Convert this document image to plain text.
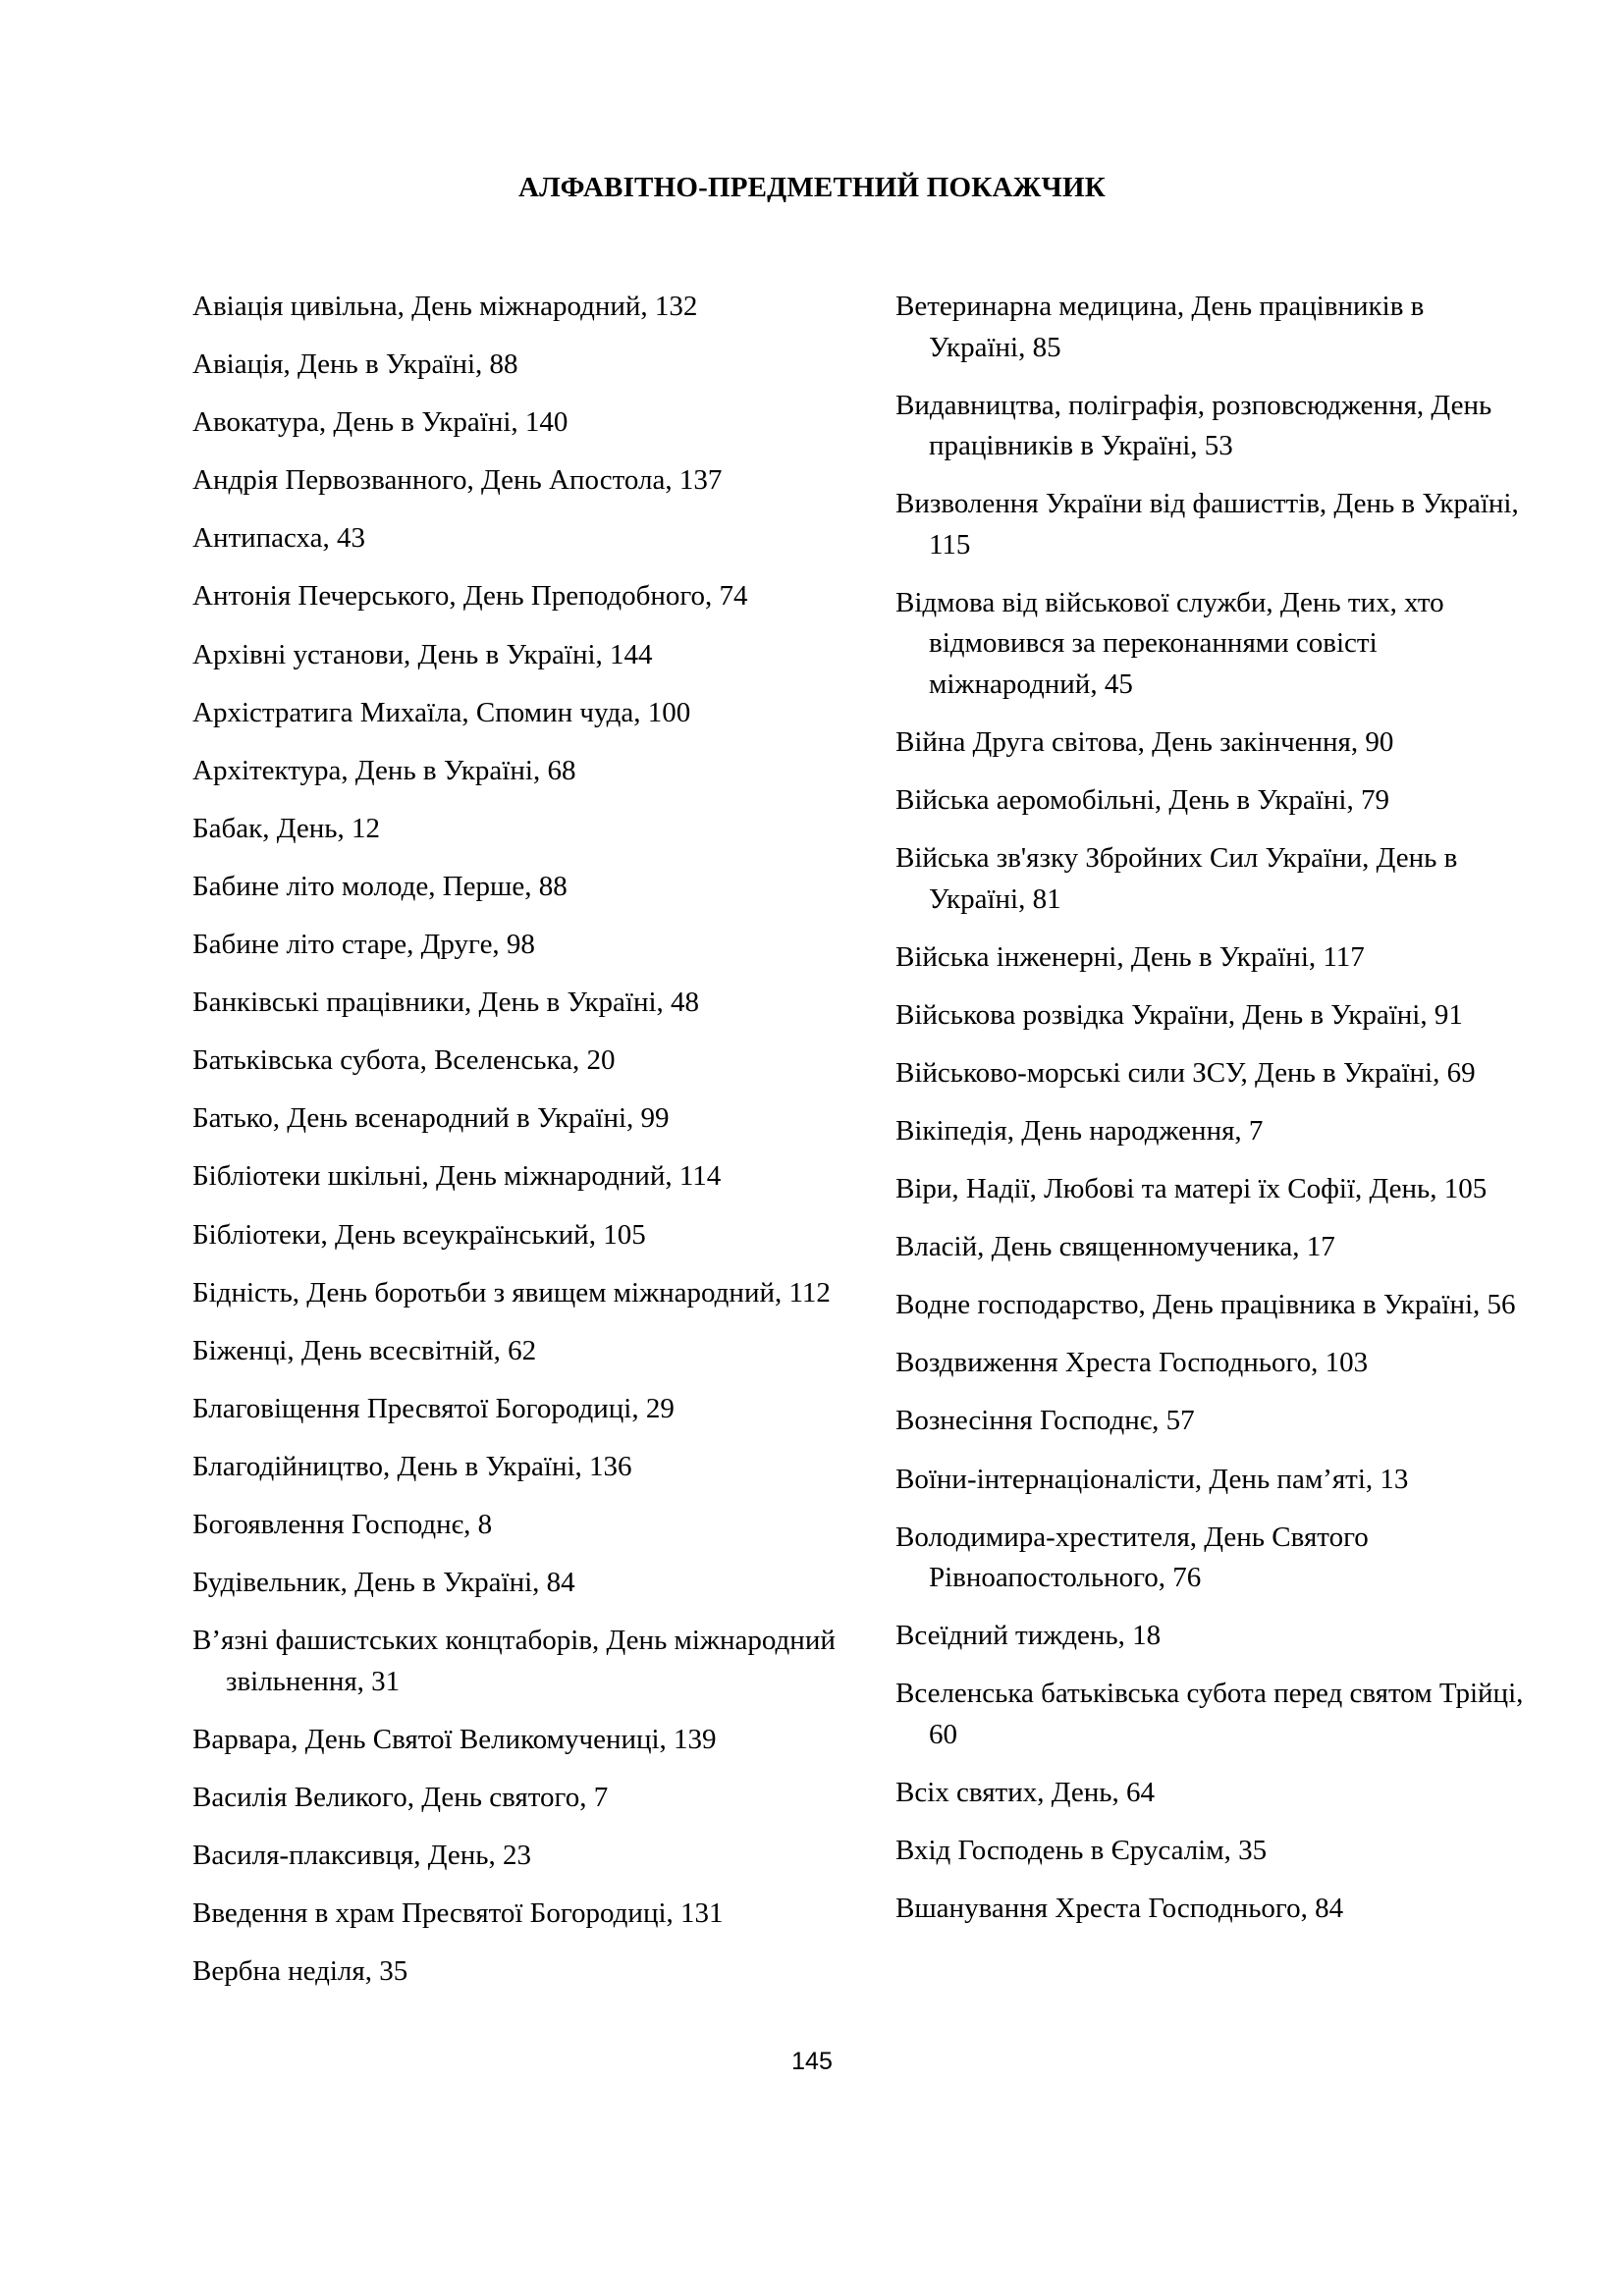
АЛФАВІТНО-ПРЕДМЕТНИЙ ПОКАЖЧИК
Авіація цивільна, День міжнародний, 132
Авіація, День в Україні, 88
Авокатура, День в Україні, 140
Андрія Первозванного, День Апостола, 137
Антипасха, 43
Антонія Печерського, День Преподобного, 74
Архівні установи, День в Україні, 144
Архістратига Михаїла, Спомин чуда, 100
Архітектура, День в Україні, 68
Бабак, День, 12
Бабине літо молоде, Перше, 88
Бабине літо старе, Друге, 98
Банківські працівники, День в Україні, 48
Батьківська субота, Вселенська, 20
Батько, День всенародний в Україні, 99
Бібліотеки шкільні, День міжнародний, 114
Бібліотеки, День всеукраїнський, 105
Бідність, День боротьби з явищем міжнародний, 112
Біженці, День всесвітній, 62
Благовіщення Пресвятої Богородиці, 29
Благодійництво, День в Україні, 136
Богоявлення Господнє, 8
Будівельник, День в Україні, 84
В’язні фашистських концтаборів, День міжнародний звільнення, 31
Варвара, День Святої Великомучениці, 139
Василія Великого, День святого, 7
Василя-плаксивця, День, 23
Введення в храм Пресвятої Богородиці, 131
Вербна неділя, 35
Ветеринарна медицина, День працівників в Україні, 85
Видавництва, поліграфія, розповсюдження, День працівників в Україні, 53
Визволення України від фашисттів, День в Україні, 115
Відмова від військової служби, День тих, хто відмовився за переконаннями совісті міжнародний, 45
Війна Друга світова, День закінчення, 90
Війська аеромобільні, День в Україні, 79
Війська зв'язку Збройних Сил України, День в Україні, 81
Війська інженерні, День в Україні, 117
Військова розвідка України, День в Україні, 91
Військово-морські сили ЗСУ, День в Україні, 69
Вікіпедія, День народження, 7
Віри, Надії, Любові та матері їх Софії, День, 105
Власій, День священномученика, 17
Водне господарство, День працівника в Україні, 56
Воздвиження Хреста Господнього, 103
Вознесіння Господнє, 57
Воїни-інтернаціоналісти, День пам’яті, 13
Володимира-хрестителя, День Святого Рівноапостольного, 76
Всеїдний тиждень, 18
Вселенська батьківська субота перед святом Трійці, 60
Всіх святих, День, 64
Вхід Господень в Єрусалім, 35
Вшанування Хреста Господнього, 84
145
